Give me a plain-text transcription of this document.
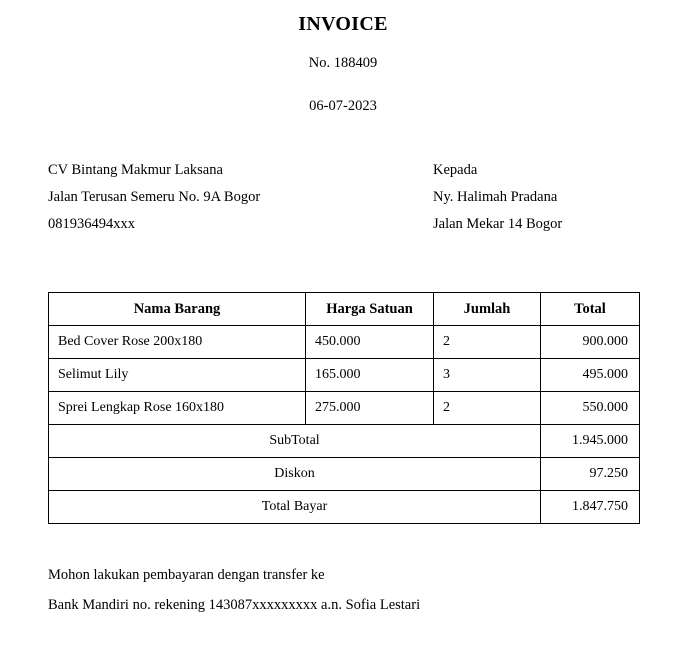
INVOICE
No. 188409
06-07-2023
CV Bintang Makmur Laksana
Jalan Terusan Semeru No. 9A Bogor
081936494xxx
Kepada
Ny. Halimah Pradana
Jalan Mekar 14 Bogor
Nama Barang	Harga Satuan	Jumlah	Total
Bed Cover Rose 200x180	450.000	2	900.000
Selimut Lily	165.000	3	495.000
Sprei Lengkap Rose 160x180	275.000	2	550.000
SubTotal			1.945.000
Diskon			97.250
Total Bayar			1.847.750
Mohon lakukan pembayaran dengan transfer ke
Bank Mandiri no. rekening 143087xxxxxxxxx a.n. Sofia Lestari
